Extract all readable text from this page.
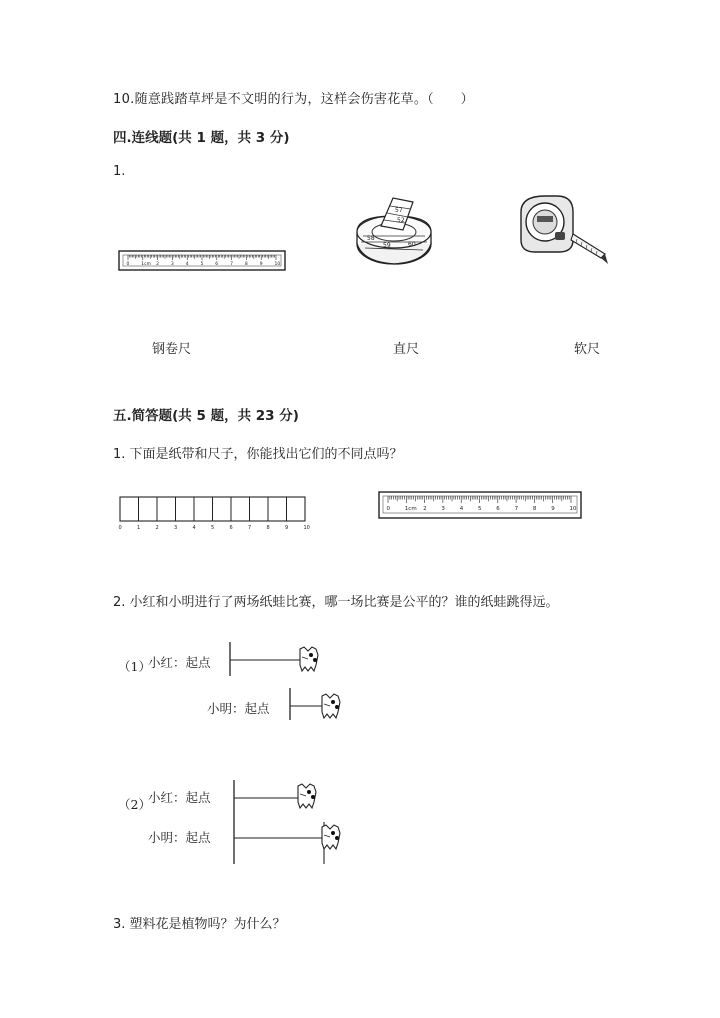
10.随意践踏草坪是不文明的行为，这样会伤害花草。（　　）
四.连线题(共 1 题，共 3 分)
1.
0	1cm 2	3	4	5	6	7	8	9	10
57
58
59	60
52
钢卷尺	直尺	软尺
五.简答题(共 5 题，共 23 分)
1. 下面是纸带和尺子，你能找出它们的不同点吗？
0	1	2	3	4	5	6	7	8	9	10
0	1cm 2	3	4	5	6	7	8	9	10
2. 小红和小明进行了两场纸蛙比赛，哪一场比赛是公平的？谁的纸蛙跳得远。
（1）
小红：起点
小明：起点
（2）
小红：起点
小明：起点
3. 塑料花是植物吗？为什么？
